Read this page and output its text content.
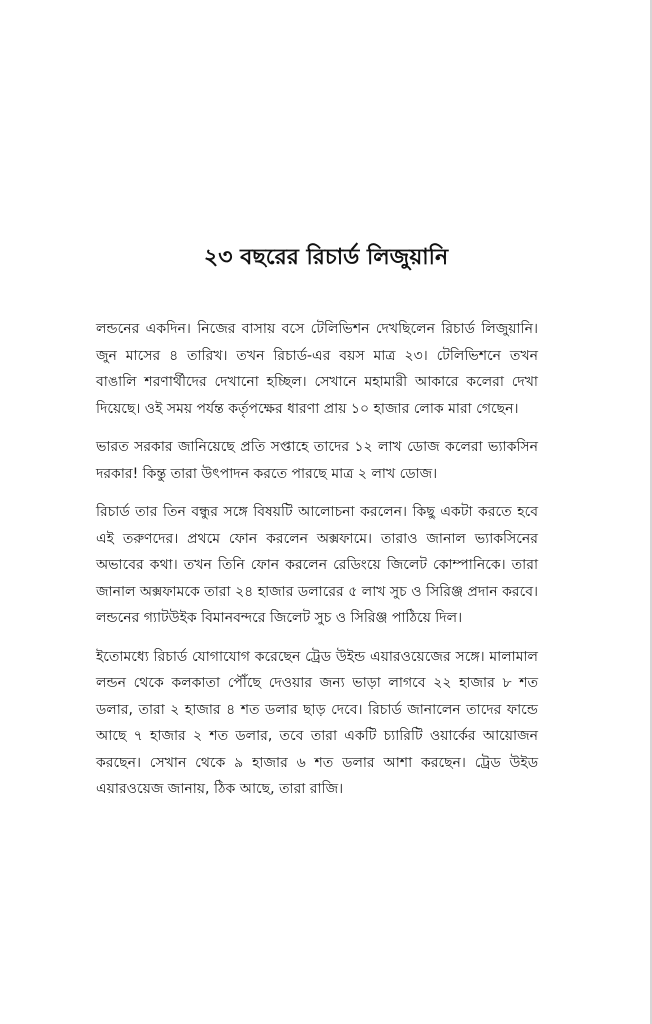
২৩ বছরের রিচার্ড লিজুয়ানি

লন্ডনের একদিন। নিজের বাসায় বসে টেলিভিশন দেখছিলেন রিচার্ড লিজুয়ানি। জুন মাসের ৪ তারিখ। তখন রিচার্ড-এর বয়স মাত্র ২৩। টেলিভিশনে তখন বাঙালি শরণার্থীদের দেখানো হচ্ছিল। সেখানে মহামারী আকারে কলেরা দেখা দিয়েছে। ওই সময় পর্যন্ত কর্তৃপক্ষের ধারণা প্রায় ১০ হাজার লোক মারা গেছেন।

ভারত সরকার জানিয়েছে প্রতি সপ্তাহে তাদের ১২ লাখ ডোজ কলেরা ভ্যাকসিন দরকার! কিন্তু তারা উৎপাদন করতে পারছে মাত্র ২ লাখ ডোজ।

রিচার্ড তার তিন বন্ধুর সঙ্গে বিষয়টি আলোচনা করলেন। কিছু একটা করতে হবে এই তরুণদের। প্রথমে ফোন করলেন অক্সফামে। তারাও জানাল ভ্যাকসিনের অভাবের কথা। তখন তিনি ফোন করলেন রেডিংয়ে জিলেট কোম্পানিকে। তারা জানাল অক্সফামকে তারা ২৪ হাজার ডলারের ৫ লাখ সুচ ও সিরিঞ্জ প্রদান করবে। লন্ডনের গ্যাটউইক বিমানবন্দরে জিলেট সুচ ও সিরিঞ্জ পাঠিয়ে দিল।

ইতোমধ্যে রিচার্ড যোগাযোগ করেছেন ট্রেড উইন্ড এয়ারওয়েজের সঙ্গে। মালামাল লন্ডন থেকে কলকাতা পৌঁছে দেওয়ার জন্য ভাড়া লাগবে ২২ হাজার ৮ শত ডলার, তারা ২ হাজার ৪ শত ডলার ছাড় দেবে। রিচার্ড জানালেন তাদের ফান্ডে আছে ৭ হাজার ২ শত ডলার, তবে তারা একটি চ্যারিটি ওয়ার্কের আয়োজন করছেন। সেখান থেকে ৯ হাজার ৬ শত ডলার আশা করছেন। ট্রেড উইড এয়ারওয়েজ জানায়, ঠিক আছে, তারা রাজি।
